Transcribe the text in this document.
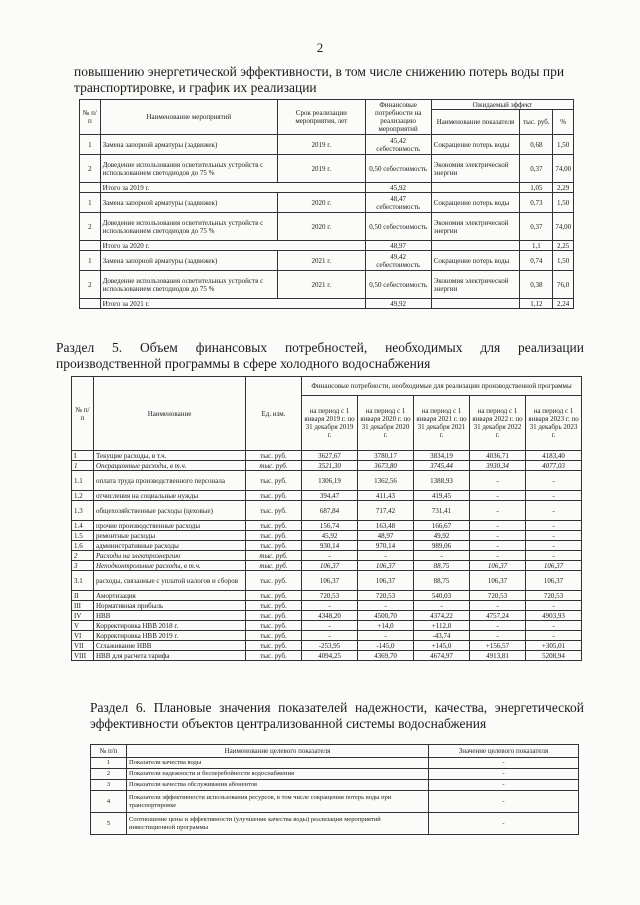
2
повышению энергетической эффективности, в том числе снижению потерь воды при транспортировке, и график их реализации
№ п/ п	Наименование мероприятий	Срок реализации мероприятия, лет	Финансовые потребности на реализацию мероприятий	Ожидаемый эффект		
				Наименование показателя	тыс. руб.	%
1	Замена запорной арматуры (задвижек)	2019 г.	45,42 себестоимость	Сокращение потерь воды	0,68	1,50
2	Доведение использования осветительных устройств с использованием светодиодов до 75 %	2019 г.	0,50 себестоимость	Экономия электрической энергии	0,37	74,00
	Итого за 2019 г.		45,92		1,05	2,29
1	Замена запорной арматуры (задвижек)	2020 г.	48,47 себестоимость	Сокращение потерь воды	0,73	1,50
2	Доведение использования осветительных устройств с использованием светодиодов до 75 %	2020 г.	0,50 себестоимость	Экономия электрической энергии	0,37	74,00
	Итого за 2020 г.		48,97		1,1	2,25
1	Замена запорной арматуры (задвижек)	2021 г.	49,42 себестоимость	Сокращение потерь воды	0,74	1,50
2	Доведение использования осветительных устройств с использованием светодиодов до 75 %	2021 г.	0,50 себестоимость	Экономия электрической энергии	0,38	76,0
	Итого за 2021 г.		49,92		1,12	2,24
Раздел 5. Объем финансовых потребностей, необходимых для реализации производственной программы в сфере холодного водоснабжения
№ п/ п	Наименование	Ед. изм.	Финансовые потребности, необходимые для реализации производственной программы				
			на период с 1 января 2019 г. по 31 декабря 2019 г.	на период с 1 января 2020 г. по 31 декабря 2020 г.	на период с 1 января 2021 г. по 31 декабря 2021 г.	на период с 1 января 2022 г. по 31 декабря 2022 г.	на период с 1 января 2023 г. по 31 декабрь 2023 г.
I	Текущие расходы, в т.ч.	тыс. руб.	3627,67	3780,17	3834,19	4036,71	4183,40
1	Операционные расходы, в т.ч.	тыс. руб.	3521,30	3673,80	3745,44	3930,34	4077,03
1.1	оплата труда производственного персонала	тыс. руб.	1306,19	1362,56	1388,93	-	-
1.2	отчисления на социальные нужды	тыс. руб.	394,47	411,43	419,45	-	-
1.3	общехозяйственные расходы (цеховые)	тыс. руб.	687,84	717,42	731,41	-	-
1.4	прочие производственные расходы	тыс. руб.	156,74	163,48	166,67	-	-
1.5	ремонтные расходы	тыс. руб.	45,92	48,97	49,92	-	-
1.6	административные расходы	тыс. руб.	930,14	970,14	989,06	-	-
2	Расходы на электроэнергию	тыс. руб.	-	-	-	-	-
3	Неподконтрольные расходы, в т.ч.	тыс. руб.	106,37	106,37	88,75	106,37	106,37
3.1	расходы, связанные с уплатой налогов и сборов	тыс. руб.	106,37	106,37	88,75	106,37	106,37
II	Амортизация	тыс. руб.	720,53	720,53	540,03	720,53	720,53
III	Нормативная прибыль	тыс. руб.	-	-	-	-	-
IV	НВВ	тыс. руб.	4348,20	4500,70	4374,22	4757,24	4903,93
V	Корректировка НВВ 2018 г.	тыс. руб.	-	+14,0	+112,0	-	-
VI	Корректировка НВВ 2019 г.	тыс. руб.	-	-	-43,74	-	-
VII	Сглаживание НВВ	тыс. руб.	-253,95	-145,0	+145,0	+156,57	+305,01
VIII	НВВ для расчета тарифа	тыс. руб.	4094,25	4369,70	4674,97	4913,81	5208,94
Раздел 6. Плановые значения показателей надежности, качества, энергетической эффективности объектов централизованной системы водоснабжения
№ п/п	Наименование целевого показателя	Значение целевого показателя
1	Показатели качества воды	-
2	Показатели надежности и бесперебойности водоснабжения	-
3	Показатели качества обслуживания абонентов	-
4	Показатели эффективности использования ресурсов, в том числе сокращения потерь воды при транспортировке	-
5	Соотношение цены и эффективности (улучшение качества воды) реализации мероприятий инвестиционной программы	-
